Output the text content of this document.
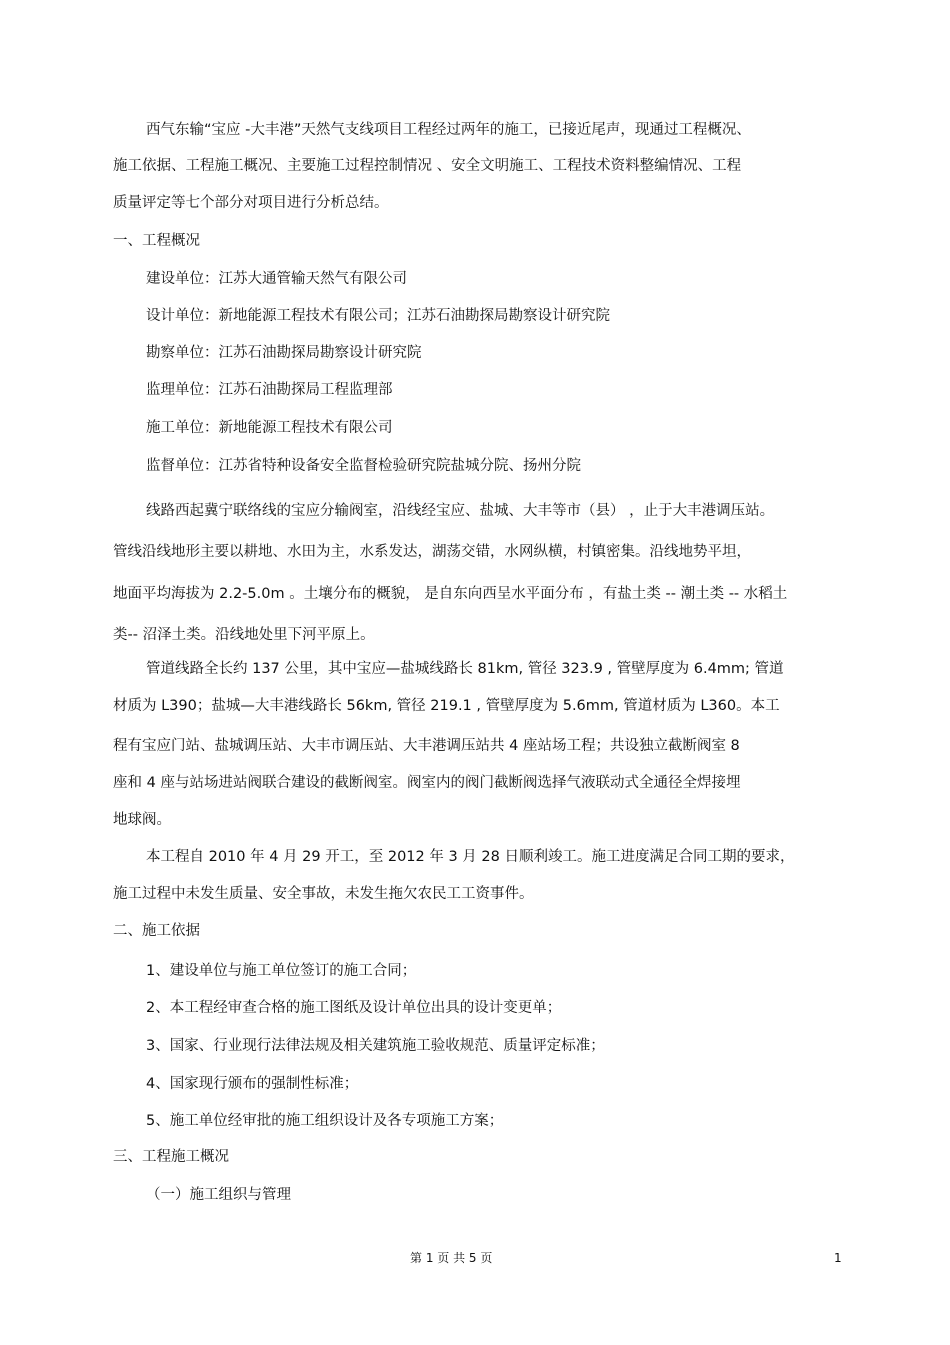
西气东输“宝应 -大丰港”天然气支线项目工程经过两年的施工，已接近尾声，现通过工程概况、
施工依据、工程施工概况、主要施工过程控制情况 、安全文明施工、工程技术资料整编情况、工程
质量评定等七个部分对项目进行分析总结。
一、工程概况
建设单位：江苏大通管输天然气有限公司
设计单位：新地能源工程技术有限公司；江苏石油勘探局勘察设计研究院
勘察单位：江苏石油勘探局勘察设计研究院
监理单位：江苏石油勘探局工程监理部
施工单位：新地能源工程技术有限公司
监督单位：江苏省特种设备安全监督检验研究院盐城分院、扬州分院
线路西起冀宁联络线的宝应分输阀室，沿线经宝应、盐城、大丰等市（县） ，止于大丰港调压站。
管线沿线地形主要以耕地、水田为主，水系发达，湖荡交错，水网纵横，村镇密集。沿线地势平坦，
地面平均海拔为 2.2-5.0m 。土壤分布的概貌， 是自东向西呈水平面分布 ，有盐土类 -- 潮土类 -- 水稻土
类-- 沼泽土类。沿线地处里下河平原上。
管道线路全长约 137 公里，其中宝应—盐城线路长 81km, 管径 323.9 , 管壁厚度为 6.4mm; 管道
材质为 L390；盐城—大丰港线路长 56km, 管径 219.1 , 管壁厚度为 5.6mm, 管道材质为 L360。本工
程有宝应门站、盐城调压站、大丰市调压站、大丰港调压站共 4 座站场工程；共设独立截断阀室 8
座和 4 座与站场进站阀联合建设的截断阀室。阀室内的阀门截断阀选择气液联动式全通径全焊接埋
地球阀。
本工程自 2010 年 4 月 29 开工，至 2012 年 3 月 28 日顺利竣工。施工进度满足合同工期的要求，
施工过程中未发生质量、安全事故，未发生拖欠农民工工资事件。
二、施工依据
1、建设单位与施工单位签订的施工合同；
2、本工程经审查合格的施工图纸及设计单位出具的设计变更单；
3、国家、行业现行法律法规及相关建筑施工验收规范、质量评定标准；
4、国家现行颁布的强制性标准；
5、施工单位经审批的施工组织设计及各专项施工方案；
三、工程施工概况
（一）施工组织与管理
第 1 页 共 5 页	1
